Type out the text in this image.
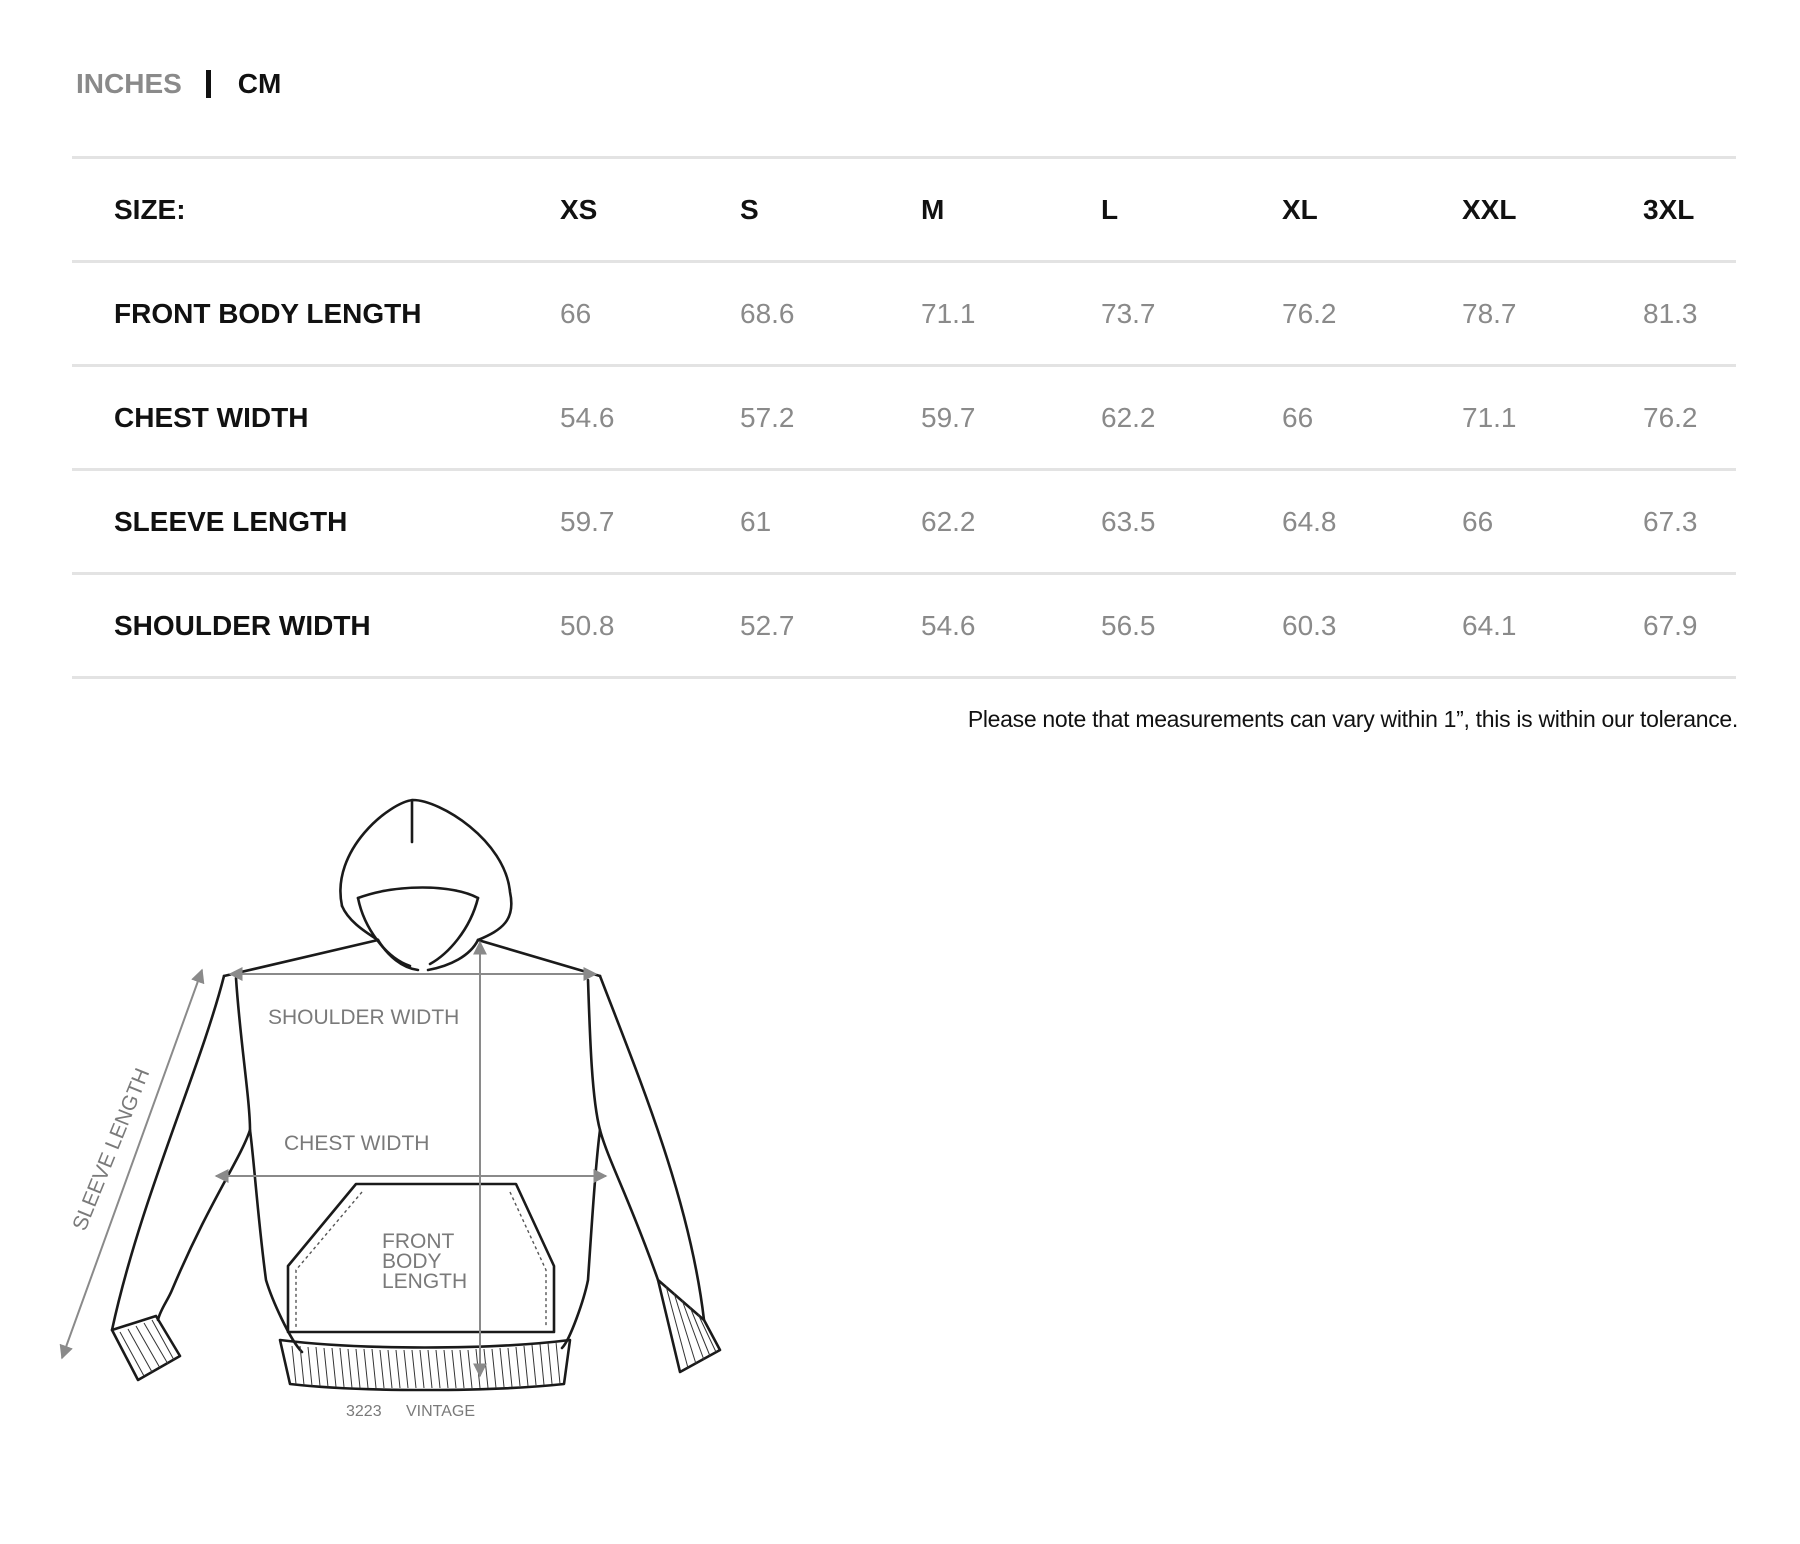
INCHES CM
SIZE:	XS	S	M	L	XL	XXL	3XL
FRONT BODY LENGTH	66	68.6	71.1	73.7	76.2	78.7	81.3
CHEST WIDTH	54.6	57.2	59.7	62.2	66	71.1	76.2
SLEEVE LENGTH	59.7	61	62.2	63.5	64.8	66	67.3
SHOULDER WIDTH	50.8	52.7	54.6	56.5	60.3	64.1	67.9
Please note that measurements can vary within 1”, this is within our tolerance.
SHOULDER WIDTH
CHEST WIDTH
FRONT
BODY
LENGTH
SLEEVE LENGTH
3223 VINTAGE
